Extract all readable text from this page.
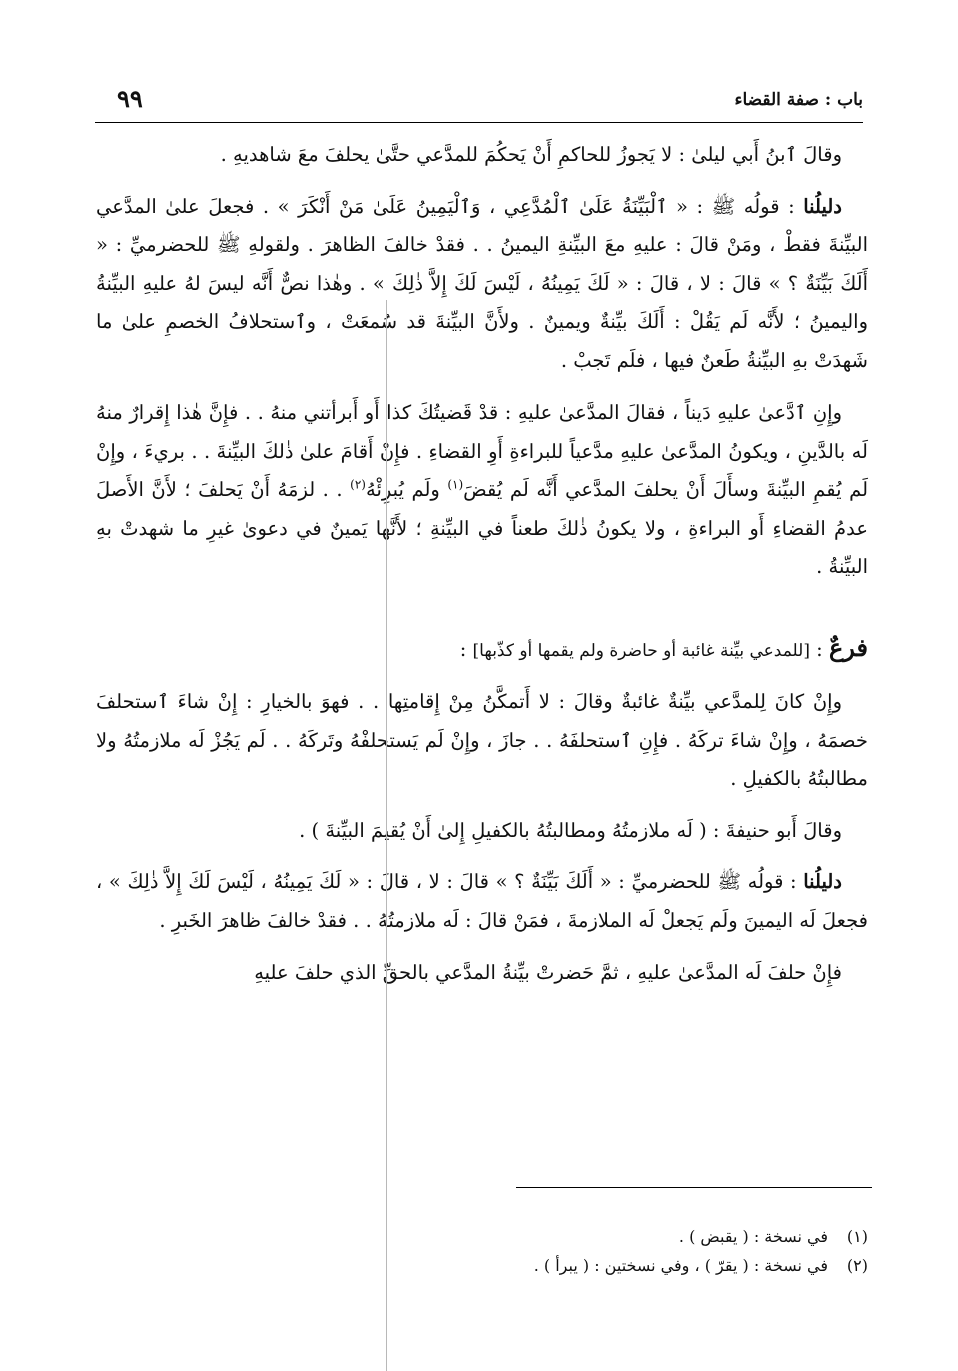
باب : صفة القضاء
٩٩

وقالَ ٱبنُ أَبي ليلىٰ : لا يَجوزُ للحاكمِ أَنْ يَحكُمَ للمدَّعي حتَّىٰ يحلفَ معَ شاهديهِ .

دليلُنا : قولُه ﷺ : « ٱلْبَيِّنَةُ عَلَىٰ ٱلْمُدَّعِي ، وَٱلْيَمِينُ عَلَىٰ مَنْ أَنْكَرَ » . فجعلَ علىٰ المدَّعي البيِّنةَ فقطْ ، ومَنْ قالَ : عليهِ معَ البيِّنةِ اليمينُ . . فقدْ خالفَ الظاهرَ . ولقولهِ ﷺ للحضرميِّ : « أَلَكَ بَيِّنَةٌ ؟ » قالَ : لا ، قالَ : « لَكَ يَمِينُهُ ، لَيْسَ لَكَ إِلاَّ ذٰلِكَ » . وهٰذا نصٌّ أَنَّه ليسَ لهُ عليهِ البيِّنةُ واليمينُ ؛ لأَنَّه لَم يَقُلْ : أَلَكَ بيِّنةٌ ويمينٌ . ولأَنَّ البيِّنةَ قد سُمعَتْ ، وٱستحلافُ الخصمِ علىٰ ما شَهدَتْ بهِ البيِّنةُ طَعنٌ فيها ، فلَم تَجبْ .

وإِنِ ٱدَّعىٰ عليهِ دَيناً ، فقالَ المدَّعىٰ عليهِ : قدْ قَضيتُكَ كذا أَو أَبرأتني منهُ . . فإِنَّ هٰذا إِقرارٌ منهُ لَه بالدَّينِ ، ويكونُ المدَّعىٰ عليهِ مدَّعياً للبراءةِ أَوِ القضاءِ . فإِنْ أَقامَ علىٰ ذٰلكَ البيِّنةَ . . بريءَ ، وإِنْ لَم يُقمِ البيِّنةَ وسأَلَ أَنْ يحلفَ المدَّعي أَنَّه لَم يُقضَ$^{(١)}$ ولَم يُبرِئْهُ$^{(٢)}$ . . لزمَهُ أَنْ يَحلفَ ؛ لأَنَّ الأَصلَ عدمُ القضاءِ أَو البراءةِ ، ولا يكونُ ذٰلكَ طعناً في البيِّنةِ ؛ لأَنَّها يَمينٌ في دعوىٰ غيرِ ما شهدتْ بهِ البيِّنةُ .

فرعٌ : [للمدعي بيِّنة غائبة أو حاضرة ولم يقمها أو كذّبها] :

وإِنْ كانَ لِلمدَّعي بيِّنةٌ غائبةٌ وقالَ : لا أَتمكَّنُ مِنْ إِقامتِها . . فهوَ بالخيارِ : إِنْ شاءَ ٱستحلفَ خصمَهُ ، وإِنْ شاءَ تركَهُ . فإِنِ ٱستحلفَهُ . . جازَ ، وإِنْ لَم يَستحلفْهُ وتَركَهُ . . لَم يَجُزْ لَه ملازمتُهُ ولا مطالبتُهُ بالكفيلِ .

وقالَ أَبو حنيفةَ : ( لَه ملازمتُهُ ومطالبتُهُ بالكفيلِ إِلىٰ أَنْ يُقيمَ البيِّنةَ ) .

دليلُنا : قولُه ﷺ للحضرميِّ : « أَلَكَ بَيِّنَةٌ ؟ » قالَ : لا ، قالَ : « لَكَ يَمِينُهُ ، لَيْسَ لَكَ إِلاَّ ذٰلِكَ » ، فجعلَ لَه اليمينَ ولَم يَجعلْ لَه الملازمةَ ، فمَنْ قالَ : لَه ملازمتُهُ . . فقدْ خالفَ ظاهرَ الخَبرِ .

فإِنْ حلفَ لَه المدَّعىٰ عليهِ ، ثمَّ حَضرتْ بيِّنةُ المدَّعي بالحقِّ الذي حلفَ عليهِ

(١)في نسخة : ( يقبض ) .

(٢)في نسخة : ( يقرّ ) ، وفي نسختين : ( يبرأ ) .
